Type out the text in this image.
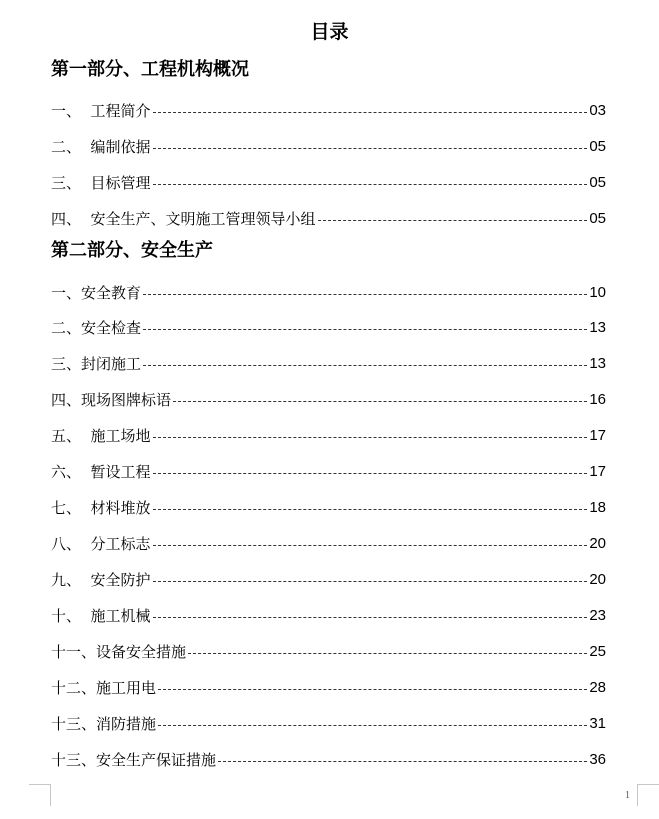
目录
第一部分、工程机构概况
一、 工程简介	03
二、 编制依据	05
三、 目标管理	05
四、 安全生产、文明施工管理领导小组	05
第二部分、安全生产
一、 安全教育	10
二、 安全检查	13
三、 封闭施工	13
四、 现场图牌标语	16
五、 施工场地	17
六、 暂设工程	17
七、 材料堆放	18
八、 分工标志	20
九、 安全防护	20
十、 施工机械	23
十一、 设备安全措施	25
十二、 施工用电	28
十三、 消防措施	31
十三、 安全生产保证措施	36
1
